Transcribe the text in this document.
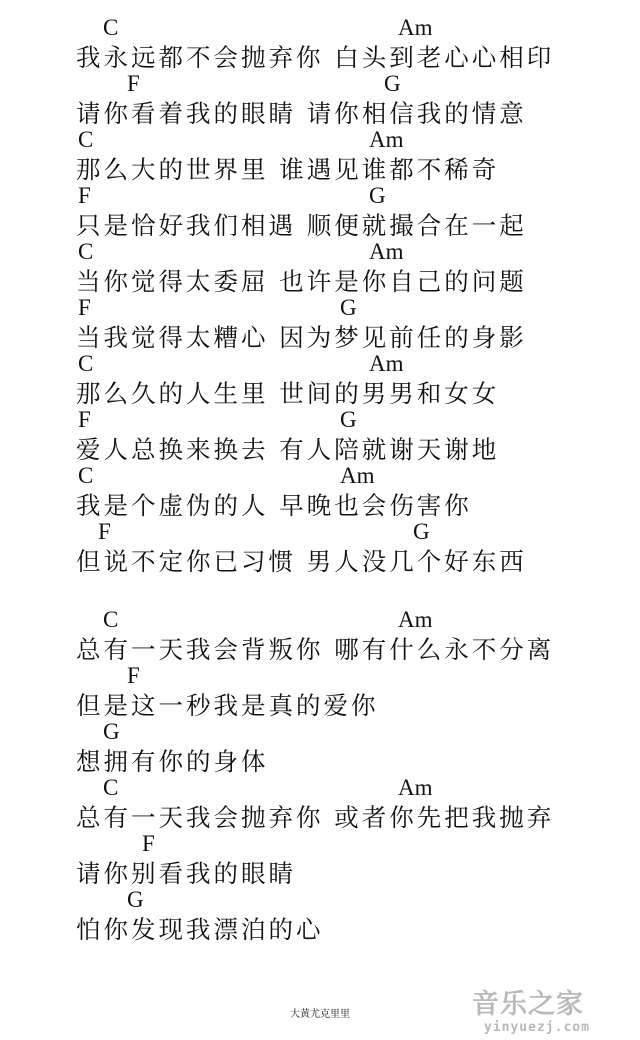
C	Am
我永远都不会抛弃你 白头到老心心相印
F	G
请你看着我的眼睛 请你相信我的情意
C	Am
那么大的世界里 谁遇见谁都不稀奇
F	G
只是恰好我们相遇 顺便就撮合在一起
C	Am
当你觉得太委屈 也许是你自己的问题
F	G
当我觉得太糟心 因为梦见前任的身影
C	Am
那么久的人生里 世间的男男和女女
F	G
爱人总换来换去 有人陪就谢天谢地
C	Am
我是个虚伪的人 早晚也会伤害你
F	G
但说不定你已习惯 男人没几个好东西
C	Am
总有一天我会背叛你 哪有什么永不分离
F
但是这一秒我是真的爱你
G
想拥有你的身体
C	Am
总有一天我会抛弃你 或者你先把我抛弃
F
请你别看我的眼睛
G
怕你发现我漂泊的心
大黄尤克里里	音乐之家
yinyuezj.com
